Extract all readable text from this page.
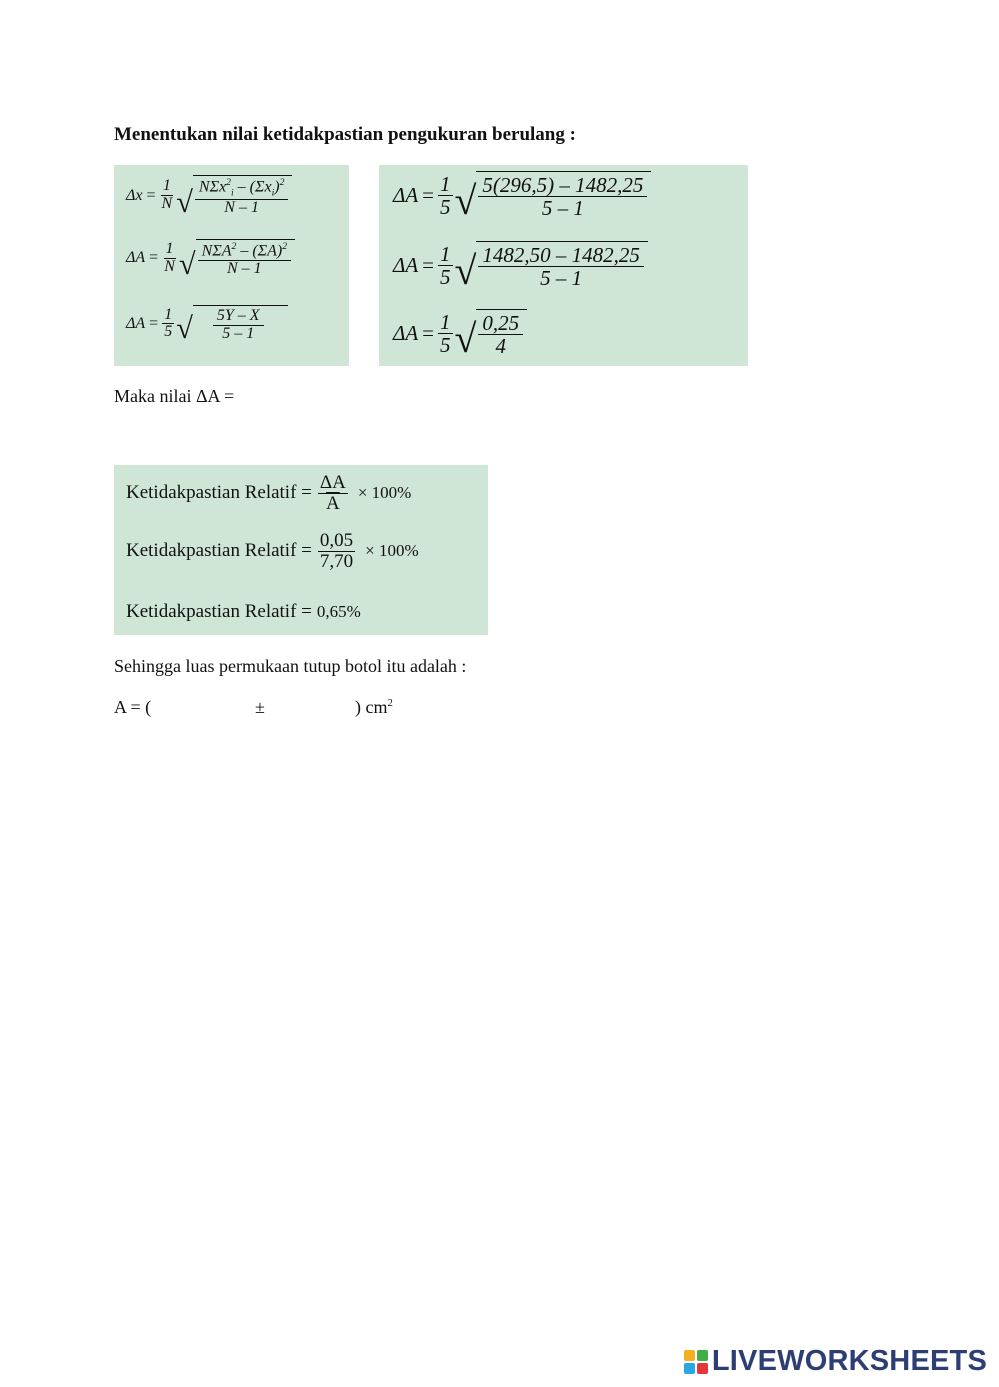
Menentukan nilai ketidakpastian pengukuran berulang :
$\Delta x = \frac{1}{N}$ √ $\frac{N\Sigma x^2_i - (\Sigma x_i)^2}{N - 1}$
$\Delta A = \frac{1}{N}$ √ $\frac{N\Sigma A^2 - (\Sigma A)^2}{N - 1}$
$\Delta A = \frac{1}{5}$ √ $\frac{5Y - X}{5 - 1}$
$\Delta A = \frac{1}{5}$ √ $\frac{5(296,5) - 1482,25}{5 - 1}$
$\Delta A = \frac{1}{5}$ √ $\frac{1482,50 - 1482,25}{5 - 1}$
$\Delta A = \frac{1}{5}$ √ $\frac{0,25}{4}$
Maka nilai ΔA =
Ketidakpastian Relatif = $\frac{\Delta A}{A} \times 100\%$
Ketidakpastian Relatif = $\frac{0,05}{7,70} \times 100\%$
Ketidakpastian Relatif = 0,65%
Sehingga luas permukaan tutup botol itu adalah :
A = (	±	) $cm^2$
LIVEWORKSHEETS
